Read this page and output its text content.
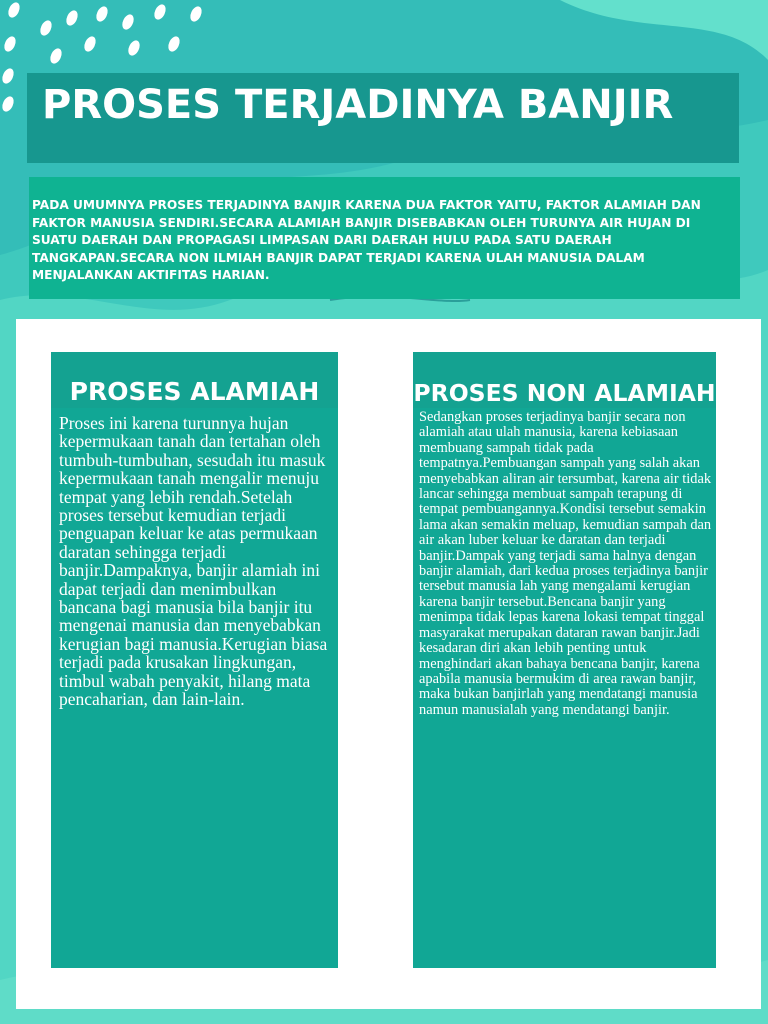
PROSES TERJADINYA BANJIR

PADA UMUMNYA PROSES TERJADINYA BANJIR KARENA DUA FAKTOR YAITU, FAKTOR ALAMIAH DAN FAKTOR MANUSIA SENDIRI.SECARA ALAMIAH BANJIR DISEBABKAN OLEH TURUNYA AIR HUJAN DI SUATU DAERAH DAN PROPAGASI LIMPASAN DARI DAERAH HULU PADA SATU DAERAH TANGKAPAN.SECARA NON ILMIAH BANJIR DAPAT TERJADI KARENA ULAH MANUSIA DALAM MENJALANKAN AKTIFITAS HARIAN.

PROSES ALAMIAH

Proses ini karena turunnya hujan kepermukaan tanah dan tertahan oleh tumbuh-tumbuhan, sesudah itu masuk kepermukaan tanah mengalir menuju tempat yang lebih rendah.Setelah proses tersebut kemudian terjadi penguapan keluar ke atas permukaan daratan sehingga terjadi banjir.Dampaknya, banjir alamiah ini dapat terjadi dan menimbulkan bancana bagi manusia bila banjir itu mengenai manusia dan menyebabkan kerugian bagi manusia.Kerugian biasa terjadi pada krusakan lingkungan, timbul wabah penyakit, hilang mata pencaharian, dan lain-lain.

PROSES NON ALAMIAH

Sedangkan proses terjadinya banjir secara non alamiah atau ulah manusia, karena kebiasaan membuang sampah tidak pada tempatnya.Pembuangan sampah yang salah akan menyebabkan aliran air tersumbat, karena air tidak lancar sehingga membuat sampah terapung di tempat pembuangannya.Kondisi tersebut semakin lama akan semakin meluap, kemudian sampah dan air akan luber keluar ke daratan dan terjadi banjir.Dampak yang terjadi sama halnya dengan banjir alamiah, dari kedua proses terjadinya banjir tersebut manusia lah yang mengalami kerugian karena banjir tersebut.Bencana banjir yang menimpa tidak lepas karena lokasi tempat tinggal masyarakat merupakan dataran rawan banjir.Jadi kesadaran diri akan lebih penting untuk menghindari akan bahaya bencana banjir, karena apabila manusia bermukim di area rawan banjir, maka bukan banjirlah yang mendatangi manusia namun manusialah yang mendatangi banjir.
